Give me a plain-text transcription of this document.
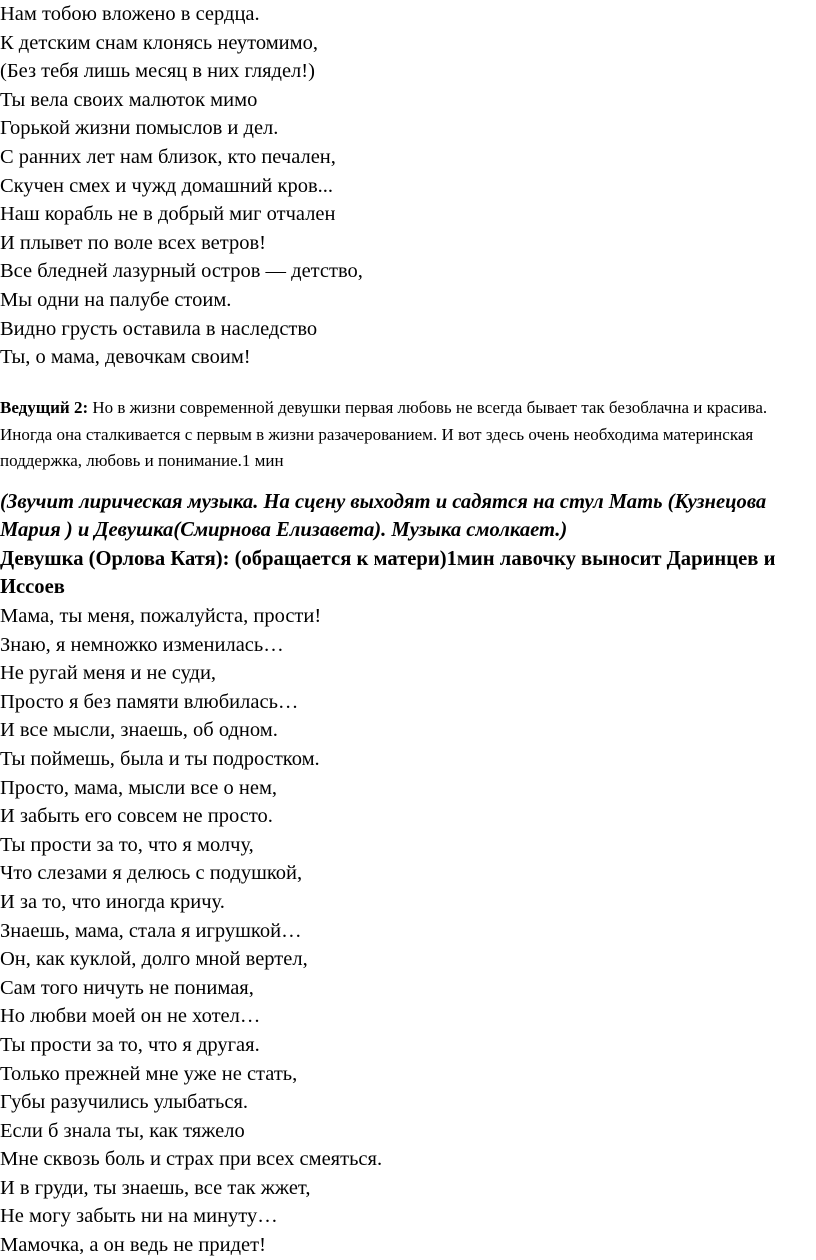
Нам тобою вложено в сердца.
К детским снам клонясь неутомимо,
(Без тебя лишь месяц в них глядел!)
Ты вела своих малюток мимо
Горькой жизни помыслов и дел.
С ранних лет нам близок, кто печален,
Скучен смех и чужд домашний кров...
Наш корабль не в добрый миг отчален
И плывет по воле всех ветров!
Все бледней лазурный остров — детство,
Мы одни на палубе стоим.
Видно грусть оставила в наследство
Ты, о мама, девочкам своим!

Ведущий 2: Но в жизни современной девушки первая любовь не всегда бывает так безоблачна и красива. Иногда она сталкивается с первым в жизни разачерованием. И вот здесь очень необходима материнская поддержка, любовь и понимание.1 мин

(Звучит лирическая музыка. На сцену выходят и садятся на стул Мать (Кузнецова Мария ) и Девушка(Смирнова Елизавета). Музыка смолкает.)

Девушка (Орлова Катя): (обращается к матери)1мин лавочку выносит Даринцев и Иссоев

Мама, ты меня, пожалуйста, прости!
Знаю, я немножко изменилась…
Не ругай меня и не суди,
Просто я без памяти влюбилась…
И все мысли, знаешь, об одном.
Ты поймешь, была и ты подростком.
Просто, мама, мысли все о нем,
И забыть его совсем не просто.
Ты прости за то, что я молчу,
Что слезами я делюсь с подушкой,
И за то, что иногда кричу.
Знаешь, мама, стала я игрушкой…
Он, как куклой, долго мной вертел,
Сам того ничуть не понимая,
Но любви моей он не хотел…
Ты прости за то, что я другая.
Только прежней мне уже не стать,
Губы разучились улыбаться.
Если б знала ты, как тяжело
Мне сквозь боль и страх при всех смеяться.
И в груди, ты знаешь, все так жжет,
Не могу забыть ни на минуту…
Мамочка, а он ведь не придет!
